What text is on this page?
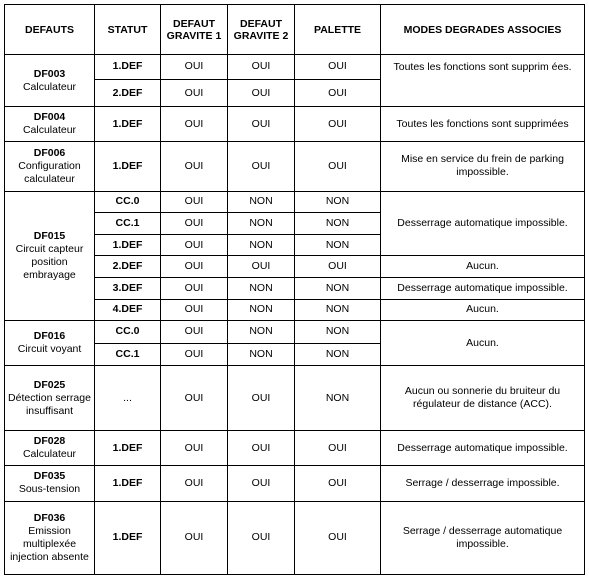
DEFAUTS	STATUT	DEFAUT GRAVITE 1	DEFAUT GRAVITE 2	PALETTE	MODES DEGRADES ASSOCIES

DF003
Calculateur	1.DEF	OUI	OUI	OUI	Toutes les fonctions sont supprim ées.
	2.DEF	OUI	OUI	OUI	

DF004
Calculateur	1.DEF	OUI	OUI	OUI	Toutes les fonctions sont supprimées

DF006
Configuration calculateur	1.DEF	OUI	OUI	OUI	Mise en service du frein de parking impossible.

DF015
Circuit capteur position embrayage	CC.0	OUI	NON	NON	Desserrage automatique impossible.
	CC.1	OUI	NON	NON	
	1.DEF	OUI	NON	NON	
	2.DEF	OUI	OUI	OUI	Aucun.
	3.DEF	OUI	NON	NON	Desserrage automatique impossible.
	4.DEF	OUI	NON	NON	Aucun.

DF016
Circuit voyant	CC.0	OUI	NON	NON	Aucun.
	CC.1	OUI	NON	NON	

DF025
Détection serrage insuffisant	...	OUI	OUI	NON	Aucun ou sonnerie du bruiteur du régulateur de distance (ACC).

DF028
Calculateur	1.DEF	OUI	OUI	OUI	Desserrage automatique impossible.

DF035
Sous-tension	1.DEF	OUI	OUI	OUI	Serrage / desserrage impossible.

DF036
Emission multiplexée injection absente	1.DEF	OUI	OUI	OUI	Serrage / desserrage automatique impossible.
